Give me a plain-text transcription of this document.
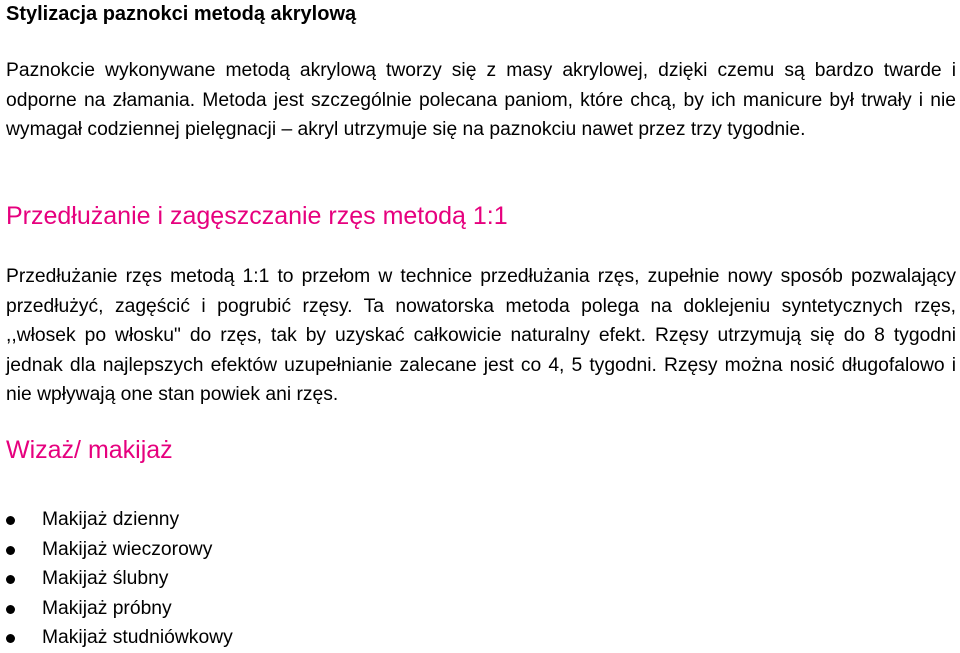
Stylizacja paznokci metodą akrylową

Paznokcie wykonywane metodą akrylową tworzy się z masy akrylowej, dzięki czemu są bardzo twarde i odporne na złamania. Metoda jest szczególnie polecana paniom, które chcą, by ich manicure był trwały i nie wymagał codziennej pielęgnacji – akryl utrzymuje się na paznokciu nawet przez trzy tygodnie.

Przedłużanie i zagęszczanie rzęs metodą 1:1

Przedłużanie rzęs metodą 1:1 to przełom w technice przedłużania rzęs, zupełnie nowy sposób pozwalający przedłużyć, zagęścić i pogrubić rzęsy. Ta nowatorska metoda polega na doklejeniu syntetycznych rzęs, ,,włosek po włosku" do rzęs, tak by uzyskać całkowicie naturalny efekt. Rzęsy utrzymują się do 8 tygodni jednak dla najlepszych efektów uzupełnianie zalecane jest co 4, 5 tygodni. Rzęsy można nosić długofalowo i nie wpływają one stan powiek ani rzęs.

Wizaż/ makijaż
Makijaż dzienny
Makijaż wieczorowy
Makijaż ślubny
Makijaż próbny
Makijaż studniówkowy
